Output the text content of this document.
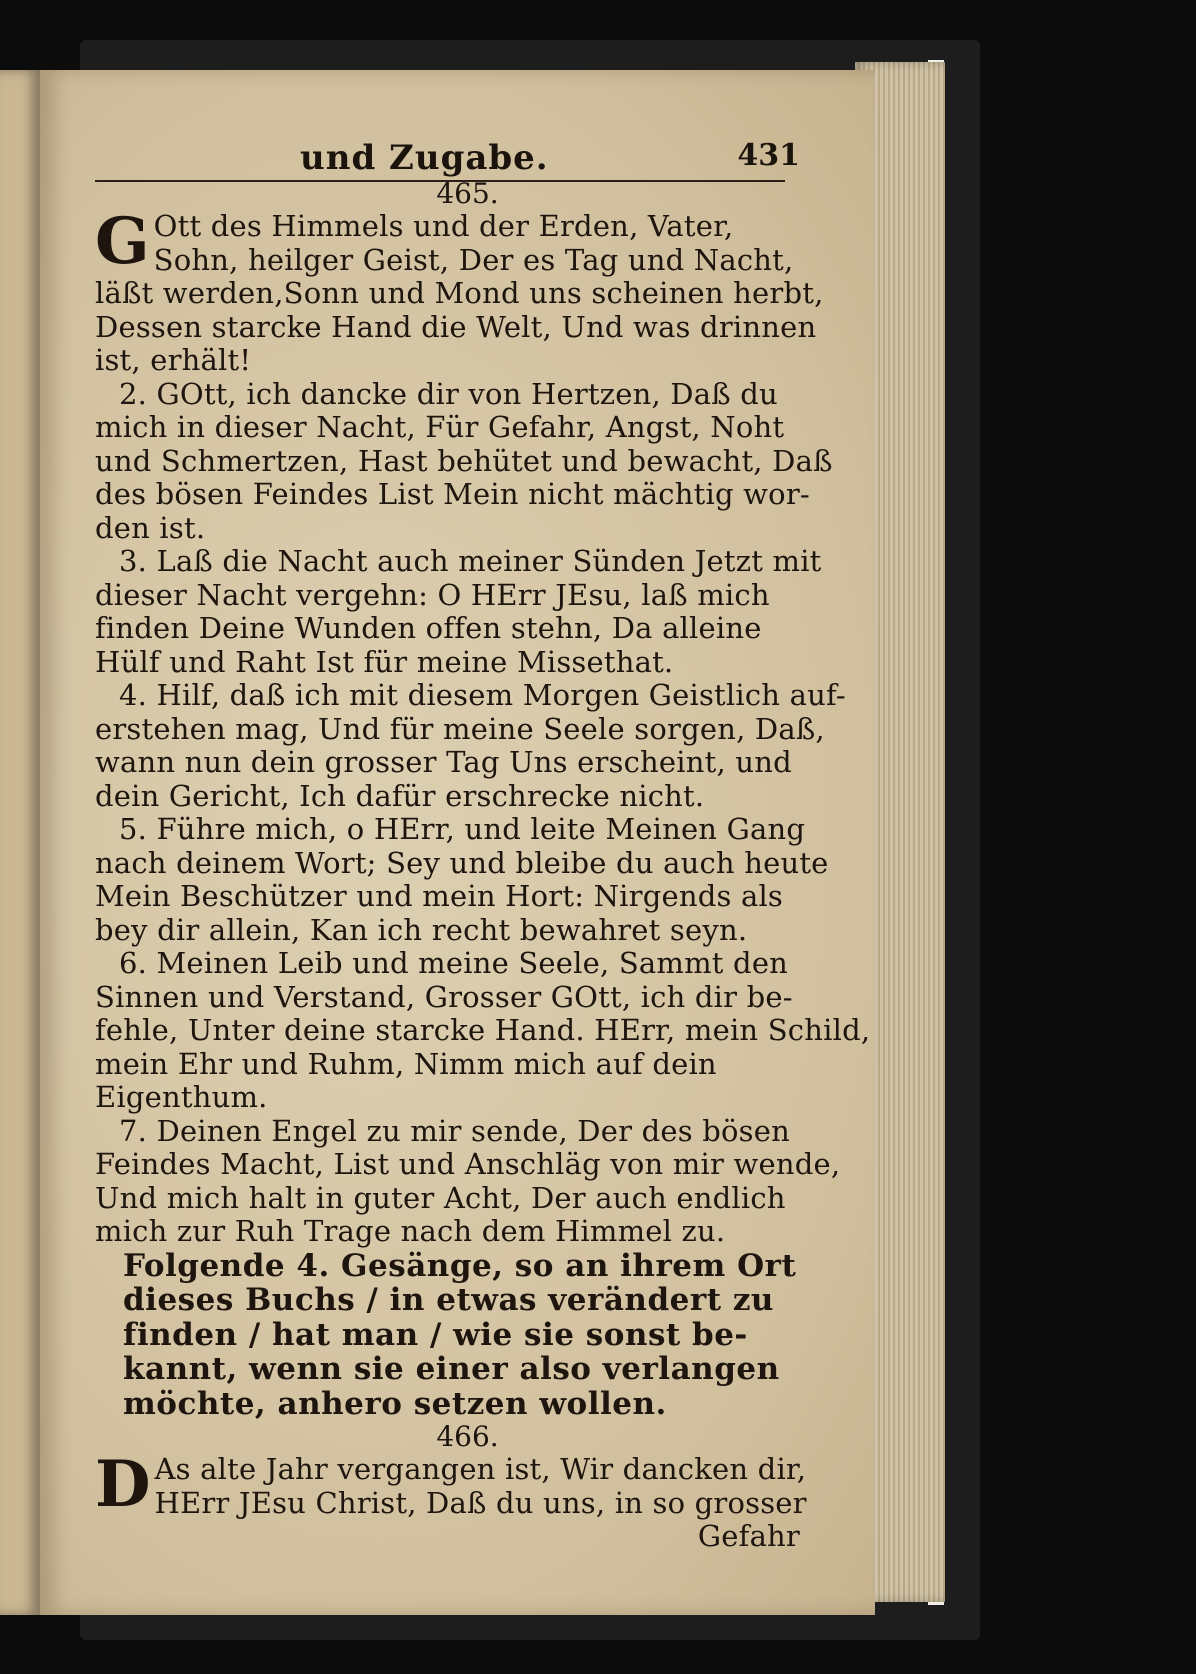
und Zugabe.	431

465.

G Ott des Himmels und der Erden, Vater,

Sohn, heilger Geist, Der es Tag und Nacht,

läßt werden,Sonn und Mond uns scheinen herbt,

Dessen starcke Hand die Welt, Und was drinnen

ist, erhält!

2. GOtt, ich dancke dir von Hertzen, Daß du

mich in dieser Nacht, Für Gefahr, Angst, Noht

und Schmertzen, Hast behütet und bewacht, Daß

des bösen Feindes List Mein nicht mächtig wor-

den ist.

3. Laß die Nacht auch meiner Sünden Jetzt mit

dieser Nacht vergehn: O HErr JEsu, laß mich

finden Deine Wunden offen stehn, Da alleine

Hülf und Raht Ist für meine Missethat.

4. Hilf, daß ich mit diesem Morgen Geistlich auf-

erstehen mag, Und für meine Seele sorgen, Daß,

wann nun dein grosser Tag Uns erscheint, und

dein Gericht, Ich dafür erschrecke nicht.

5. Führe mich, o HErr, und leite Meinen Gang

nach deinem Wort; Sey und bleibe du auch heute

Mein Beschützer und mein Hort: Nirgends als

bey dir allein, Kan ich recht bewahret seyn.

6. Meinen Leib und meine Seele, Sammt den

Sinnen und Verstand, Grosser GOtt, ich dir be-

fehle, Unter deine starcke Hand. HErr, mein Schild,

mein Ehr und Ruhm, Nimm mich auf dein

Eigenthum.

7. Deinen Engel zu mir sende, Der des bösen

Feindes Macht, List und Anschläg von mir wende,

Und mich halt in guter Acht, Der auch endlich

mich zur Ruh Trage nach dem Himmel zu.

Folgende 4. Gesänge, so an ihrem Ort

dieses Buchs / in etwas verändert zu

finden / hat man / wie sie sonst be-

kannt, wenn sie einer also verlangen

möchte, anhero setzen wollen.

466.

D As alte Jahr vergangen ist, Wir dancken dir,

HErr JEsu Christ, Daß du uns, in so grosser

Gefahr
